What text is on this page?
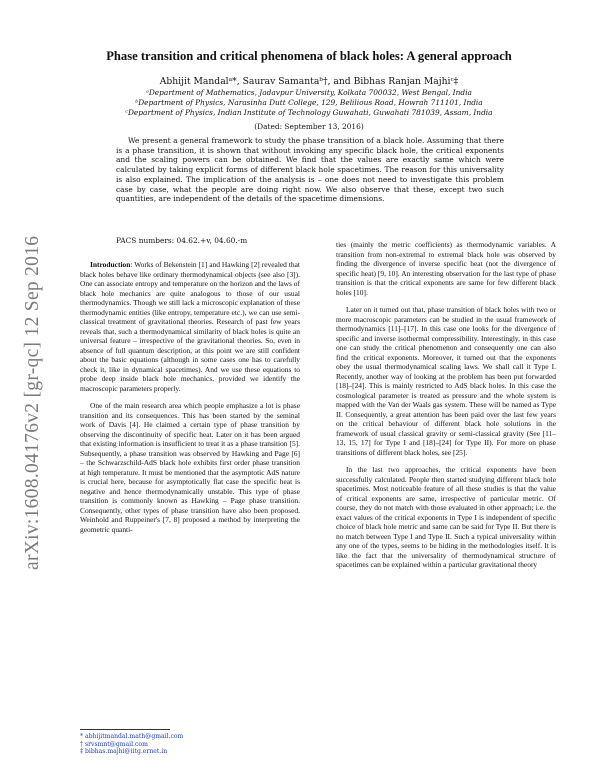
arXiv:1608.04176v2 [gr-qc] 12 Sep 2016
Phase transition and critical phenomena of black holes: A general approach
Abhijit Mandalᵃ*, Saurav Samantaᵇ†, and Bibhas Ranjan Majhiᶜ‡
ᵃDepartment of Mathematics, Jadavpur University, Kolkata 700032, West Bengal, India
ᵇDepartment of Physics, Narasinha Dutt College, 129, Belilious Road, Howrah 711101, India
ᶜDepartment of Physics, Indian Institute of Technology Guwahati, Guwahati 781039, Assam, India
(Dated: September 13, 2016)
We present a general framework to study the phase transition of a black hole. Assuming that there is a phase transition, it is shown that without invoking any specific black hole, the critical exponents and the scaling powers can be obtained. We find that the values are exactly same which were calculated by taking explicit forms of different black hole spacetimes. The reason for this universality is also explained. The implication of the analysis is – one does not need to investigate this problem case by case, what the people are doing right now. We also observe that these, except two such quantities, are independent of the details of the spacetime dimensions.
PACS numbers: 04.62.+v, 04.60.-m

Introduction: Works of Bekenstein [1] and Hawking [2] revealed that black holes behave like ordinary thermodynamical objects (see also [3]). One can associate entropy and temperature on the horizon and the laws of black hole mechanics are quite analogous to those of our usual thermodynamics. Though we still lack a microscopic explanation of these thermodynamic entities (like entropy, temperature etc.), we can use semi-classical treatment of gravitational theories. Research of past few years reveals that, such a thermodynamical similarity of black holes is quite an universal feature – irrespective of the gravitational theories. So, even in absence of full quantum description, at this point we are still confident about the basic equations (although in some cases one has to carefully check it, like in dynamical spacetimes). And we use these equations to probe deep inside black hole mechanics, provided we identify the macroscopic parameters properly.

One of the main research area which people emphasize a lot is phase transition and its consequences. This has been started by the seminal work of Davis [4]. He claimed a certain type of phase transition by observing the discontinuity of specific heat. Later on it has been argued that existing information is insufficient to treat it as a phase transition [5]. Subsequently, a phase transition was observed by Hawking and Page [6] – the Schwarzschild-AdS black hole exhibits first order phase transition at high temperature. It must be mentioned that the asymptotic AdS nature is crucial here, because for asymptotically flat case the specific heat is negative and hence thermodynamically unstable. This type of phase transition is commonly known as Hawking – Page phase transition. Consequently, other types of phase transition have also been proposed. Weinhold and Ruppeiner's [7, 8] proposed a method by interpreting the geometric quanti-

ties (mainly the metric coefficients) as thermodynamic variables. A transition from non-extremal to extremal black hole was observed by finding the divergence of inverse specific heat (not the divergence of specific heat) [9, 10]. An interesting observation for the last type of phase transition is that the critical exponents are same for few different black holes [10].

Later on it turned out that, phase transition of black holes with two or more macroscopic parameters can be studied in the usual framework of thermodynamics [11]–[17]. In this case one looks for the divergence of specific and inverse isothermal compressibility. Interestingly, in this case one can study the critical phenomenon and consequently one can also find the critical exponents. Moreover, it turned out that the exponents obey the usual thermodynamical scaling laws. We shall call it Type I. Recently, another way of looking at the problem has been put forwarded [18]–[24]. This is mainly restricted to AdS black holes. In this case the cosmological parameter is treated as pressure and the whole system is mapped with the Van der Waals gas system. These will be named as Type II. Consequently, a great attention has been paid over the last few years on the critical behaviour of different black hole solutions in the framework of usual classical gravity or semi-classical gravity (See [11–13, 15, 17] for Type I and [18]–[24] for Type II). For more on phase transitions of different black holes, see [25].

In the last two approaches, the critical exponents have been successfully calculated. People then started studying different black hole spacetimes. Most noticeable feature of all these studies is that the value of critical exponents are same, irrespective of particular metric. Of course, they do not match with those evaluated in other approach; i.e. the exact values of the critical exponents in Type I is independent of specific choice of black hole metric and same can be said for Type II. But there is no match between Type I and Type II. Such a typical universality within any one of the types, seems to be hiding in the methodologies itself. It is like the fact that the universality of thermodynamical structure of spacetimes can be explained within a particular gravitational theory

* abhijitmandal.math@gmail.com
† srvsmnt@gmail.com
‡ bibhas.majhi@iitg.ernet.in
